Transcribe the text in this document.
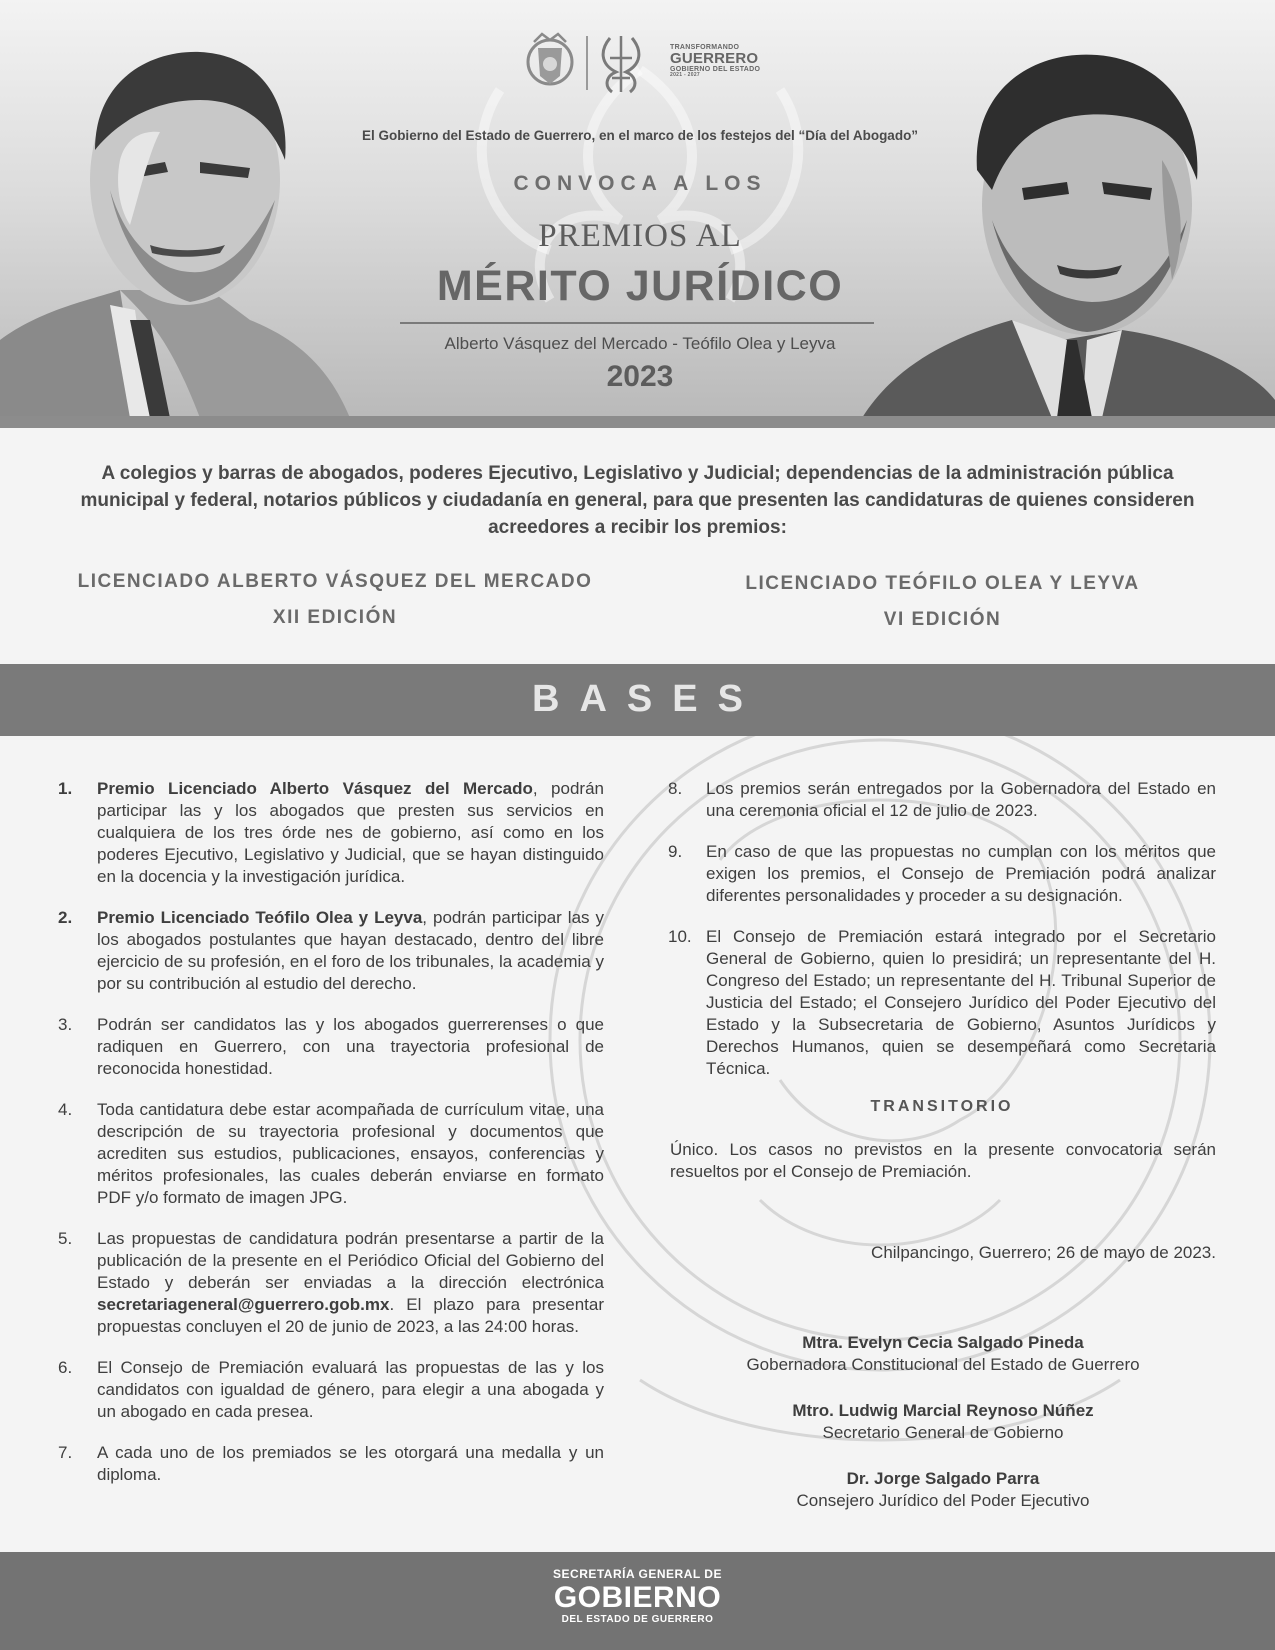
TRANSFORMANDO
GUERRERO
GOBIERNO DEL ESTADO
2021 - 2027
El Gobierno del Estado de Guerrero, en el marco de los festejos del “Día del Abogado”
CONVOCA A LOS
PREMIOS AL
MÉRITO JURÍDICO
Alberto Vásquez del Mercado - Teófilo Olea y Leyva
2023
A colegios y barras de abogados, poderes Ejecutivo, Legislativo y Judicial; dependencias de la administración pública municipal y federal, notarios públicos y ciudadanía en general, para que presenten las candidaturas de quienes consideren acreedores a recibir los premios:
LICENCIADO ALBERTO VÁSQUEZ DEL MERCADO
XII EDICIÓN
LICENCIADO TEÓFILO OLEA Y LEYVA
VI EDICIÓN
BASES
1.	Premio Licenciado Alberto Vásquez del Mercado, podrán participar las y los abogados que presten sus servicios en cualquiera de los tres órde nes de gobierno, así como en los poderes Ejecutivo, Legislativo y Judicial, que se hayan distinguido en la docencia y la investigación jurídica.
2.	Premio Licenciado Teófilo Olea y Leyva, podrán participar las y los abogados postulantes que hayan destacado, dentro del libre ejercicio de su profesión, en el foro de los tribunales, la academia y por su contribución al estudio del derecho.
3.	Podrán ser candidatos las y los abogados guerrerenses o que radiquen en Guerrero, con una trayectoria profesional de reconocida honestidad.
4.	Toda cantidatura debe estar acompañada de currículum vitae, una descripción de su trayectoria profesional y documentos que acrediten sus estudios, publicaciones, ensayos, conferencias y méritos profesionales, las cuales deberán enviarse en formato PDF y/o formato de imagen JPG.
5.	Las propuestas de candidatura podrán presentarse a partir de la publicación de la presente en el Periódico Oficial del Gobierno del Estado y deberán ser enviadas a la dirección electrónica secretariageneral@guerrero.gob.mx. El plazo para presentar propuestas concluyen el 20 de junio de 2023, a las 24:00 horas.
6.	El Consejo de Premiación evaluará las propuestas de las y los candidatos con igualdad de género, para elegir a una abogada y un abogado en cada presea.
7.	A cada uno de los premiados se les otorgará una medalla y un diploma.
8.	Los premios serán entregados por la Gobernadora del Estado en una ceremonia oficial el 12 de julio de 2023.
9.	En caso de que las propuestas no cumplan con los méritos que exigen los premios, el Consejo de Premiación podrá analizar diferentes personalidades y proceder a su designación.
10. El Consejo de Premiación estará integrado por el Secretario General de Gobierno, quien lo presidirá; un representante del H. Congreso del Estado; un representante del H. Tribunal Superior de Justicia del Estado; el Consejero Jurídico del Poder Ejecutivo del Estado y la Subsecretaria de Gobierno, Asuntos Jurídicos y Derechos Humanos, quien se desempeñará como Secretaria Técnica.
TRANSITORIO
Único. Los casos no previstos en la presente convocatoria serán resueltos por el Consejo de Premiación.
Chilpancingo, Guerrero; 26 de mayo de 2023.
Mtra. Evelyn Cecia Salgado Pineda
Gobernadora Constitucional del Estado de Guerrero
Mtro. Ludwig Marcial Reynoso Núñez
Secretario General de Gobierno
Dr. Jorge Salgado Parra
Consejero Jurídico del Poder Ejecutivo
SECRETARÍA GENERAL DE
GOBIERNO
DEL ESTADO DE GUERRERO
